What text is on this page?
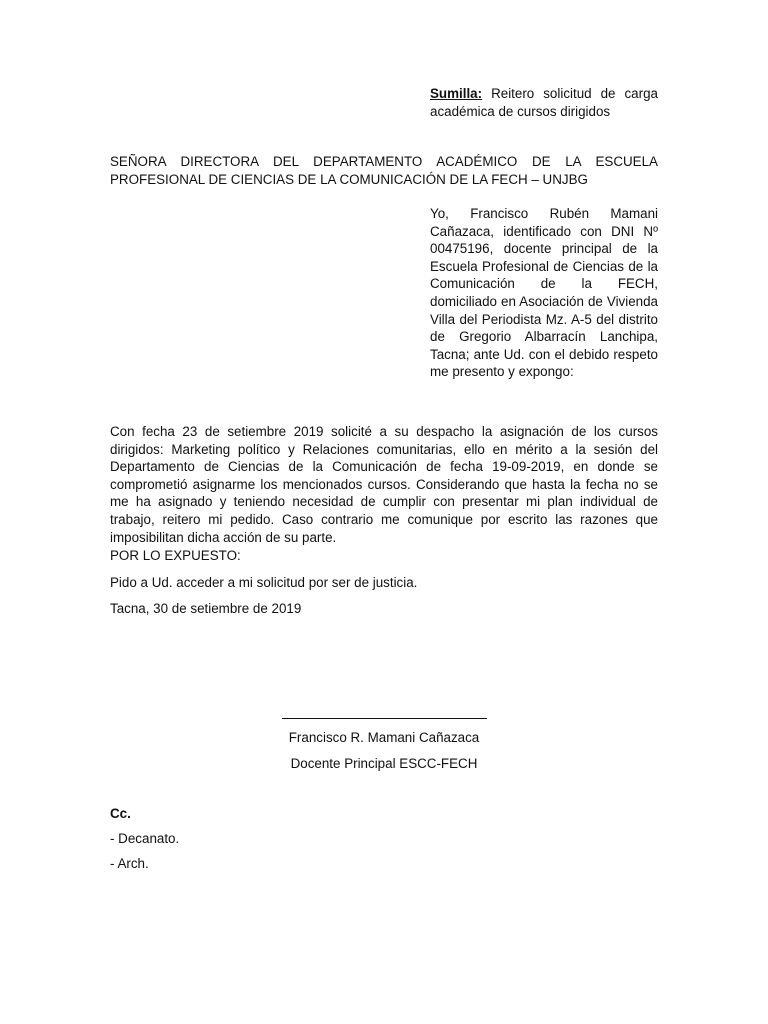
Sumilla: Reitero solicitud de carga académica de cursos dirigidos
SEÑORA DIRECTORA DEL DEPARTAMENTO ACADÉMICO DE LA ESCUELA
PROFESIONAL DE CIENCIAS DE LA COMUNICACIÓN DE LA FECH – UNJBG
Yo, Francisco Rubén Mamani Cañazaca, identificado con DNI Nº 00475196, docente principal de la Escuela Profesional de Ciencias de la Comunicación de la FECH, domiciliado en Asociación de Vivienda Villa del Periodista Mz. A-5 del distrito de Gregorio Albarracín Lanchipa, Tacna; ante Ud. con el debido respeto me presento y expongo:
Con fecha 23 de setiembre 2019 solicité a su despacho la asignación de los cursos dirigidos: Marketing político y Relaciones comunitarias, ello en mérito a la sesión del Departamento de Ciencias de la Comunicación de fecha 19-09-2019, en donde se comprometió asignarme los mencionados cursos. Considerando que hasta la fecha no se me ha asignado y teniendo necesidad de cumplir con presentar mi plan individual de trabajo, reitero mi pedido. Caso contrario me comunique por escrito las razones que imposibilitan dicha acción de su parte.
POR LO EXPUESTO:
Pido a Ud. acceder a mi solicitud por ser de justicia.
Tacna, 30 de setiembre de 2019
Francisco R. Mamani Cañazaca
Docente Principal ESCC-FECH
Cc.
- Decanato.
- Arch.
